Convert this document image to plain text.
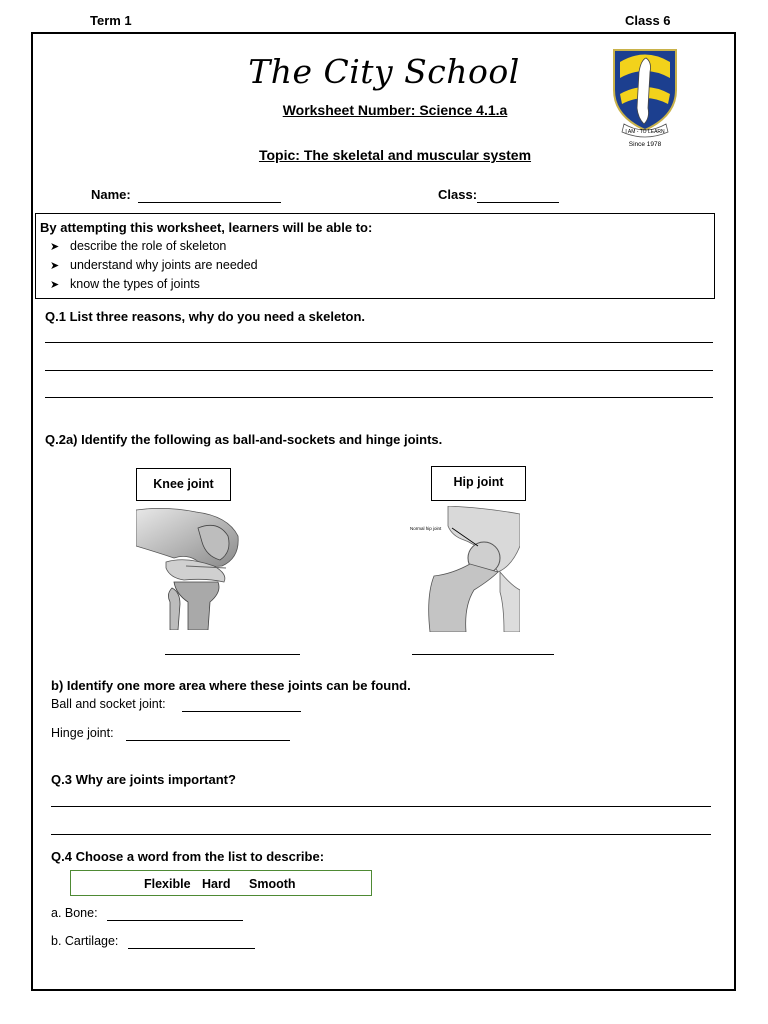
Term 1	Class 6
The City School
I AM - TO LEARN
Since 1978
Worksheet Number: Science 4.1.a
Topic: The skeletal and muscular system
Name:	Class:
By attempting this worksheet, learners will be able to:
➤ describe the role of skeleton
➤ understand why joints are needed
➤ know the types of joints
Q.1 List three reasons, why do you need a skeleton.
Q.2a) Identify the following as ball-and-sockets and hinge joints.
Knee joint	Hip joint
Normal hip joint
b) Identify one more area where these joints can be found.
Ball and socket joint:
Hinge joint:
Q.3 Why are joints important?
Q.4 Choose a word from the list to describe:
Flexible Hard Smooth
a. Bone:
b. Cartilage:
